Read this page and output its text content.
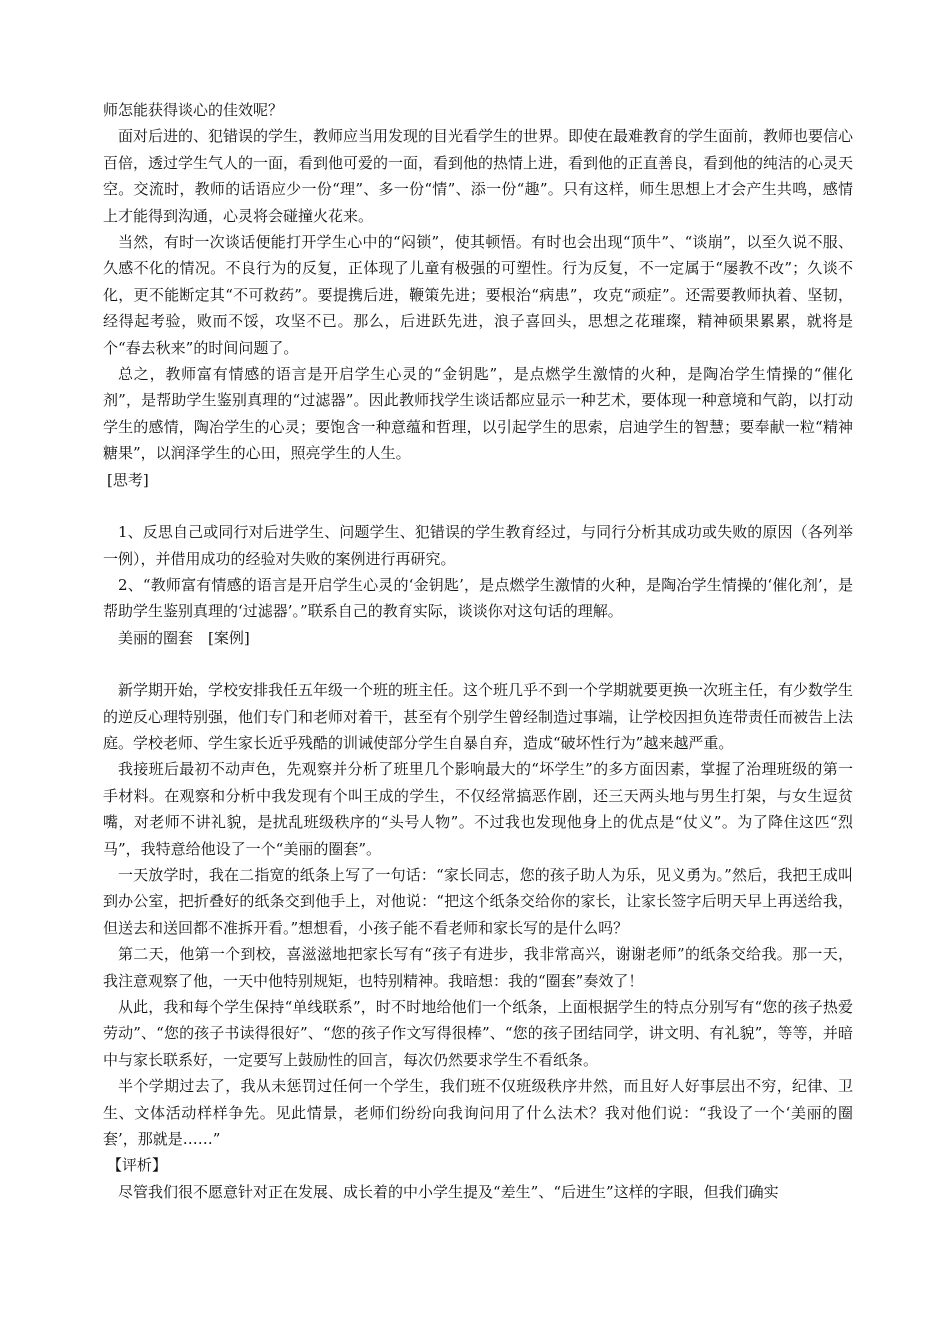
师怎能获得谈心的佳效呢？

面对后进的、犯错误的学生，教师应当用发现的目光看学生的世界。即使在最难教育的学生面前，教师也要信心百倍，透过学生气人的一面，看到他可爱的一面，看到他的热情上进，看到他的正直善良，看到他的纯洁的心灵天空。交流时，教师的话语应少一份“理”、多一份“情”、添一份“趣”。只有这样，师生思想上才会产生共鸣，感情上才能得到沟通，心灵将会碰撞火花来。

当然，有时一次谈话便能打开学生心中的“闷锁”，使其顿悟。有时也会出现“顶牛”、“谈崩”，以至久说不服、久感不化的情况。不良行为的反复，正体现了儿童有极强的可塑性。行为反复，不一定属于“屡教不改”；久谈不化，更不能断定其“不可救药”。要提携后进，鞭策先进；要根治“病患”，攻克“顽症”。还需要教师执着、坚韧，经得起考验，败而不馁，攻坚不已。那么，后进跃先进，浪子喜回头，思想之花璀璨，精神硕果累累，就将是个“春去秋来”的时间问题了。

总之，教师富有情感的语言是开启学生心灵的“金钥匙”，是点燃学生激情的火种，是陶冶学生情操的“催化剂”，是帮助学生鉴别真理的“过滤器”。因此教师找学生谈话都应显示一种艺术，要体现一种意境和气韵，以打动学生的感情，陶冶学生的心灵；要饱含一种意蕴和哲理，以引起学生的思索，启迪学生的智慧；要奉献一粒“精神糖果”，以润泽学生的心田，照亮学生的人生。

[思考]

1、反思自己或同行对后进学生、问题学生、犯错误的学生教育经过，与同行分析其成功或失败的原因（各列举一例），并借用成功的经验对失败的案例进行再研究。

2、“教师富有情感的语言是开启学生心灵的‘金钥匙’，是点燃学生激情的火种，是陶冶学生情操的‘催化剂’，是帮助学生鉴别真理的‘过滤器’。”联系自己的教育实际，谈谈你对这句话的理解。

美丽的圈套　[案例]

新学期开始，学校安排我任五年级一个班的班主任。这个班几乎不到一个学期就要更换一次班主任，有少数学生的逆反心理特别强，他们专门和老师对着干，甚至有个别学生曾经制造过事端，让学校因担负连带责任而被告上法庭。学校老师、学生家长近乎残酷的训诫使部分学生自暴自弃，造成“破坏性行为”越来越严重。

我接班后最初不动声色，先观察并分析了班里几个影响最大的“坏学生”的多方面因素，掌握了治理班级的第一手材料。在观察和分析中我发现有个叫王成的学生，不仅经常搞恶作剧，还三天两头地与男生打架，与女生逗贫嘴，对老师不讲礼貌，是扰乱班级秩序的“头号人物”。不过我也发现他身上的优点是“仗义”。为了降住这匹“烈马”，我特意给他设了一个“美丽的圈套”。

一天放学时，我在二指宽的纸条上写了一句话：“家长同志，您的孩子助人为乐，见义勇为。”然后，我把王成叫到办公室，把折叠好的纸条交到他手上，对他说：“把这个纸条交给你的家长，让家长签字后明天早上再送给我，但送去和送回都不准拆开看。”想想看，小孩子能不看老师和家长写的是什么吗？

第二天，他第一个到校，喜滋滋地把家长写有“孩子有进步，我非常高兴，谢谢老师”的纸条交给我。那一天，我注意观察了他，一天中他特别规矩，也特别精神。我暗想：我的“圈套”奏效了！

从此，我和每个学生保持“单线联系”，时不时地给他们一个纸条，上面根据学生的特点分别写有“您的孩子热爱劳动”、“您的孩子书读得很好”、“您的孩子作文写得很棒”、“您的孩子团结同学，讲文明、有礼貌”，等等，并暗中与家长联系好，一定要写上鼓励性的回言，每次仍然要求学生不看纸条。

半个学期过去了，我从未惩罚过任何一个学生，我们班不仅班级秩序井然，而且好人好事层出不穷，纪律、卫生、文体活动样样争先。见此情景，老师们纷纷向我询问用了什么法术？我对他们说：“我设了一个‘美丽的圈套’，那就是……”

【评析】

尽管我们很不愿意针对正在发展、成长着的中小学生提及“差生”、“后进生”这样的字眼，但我们确实
